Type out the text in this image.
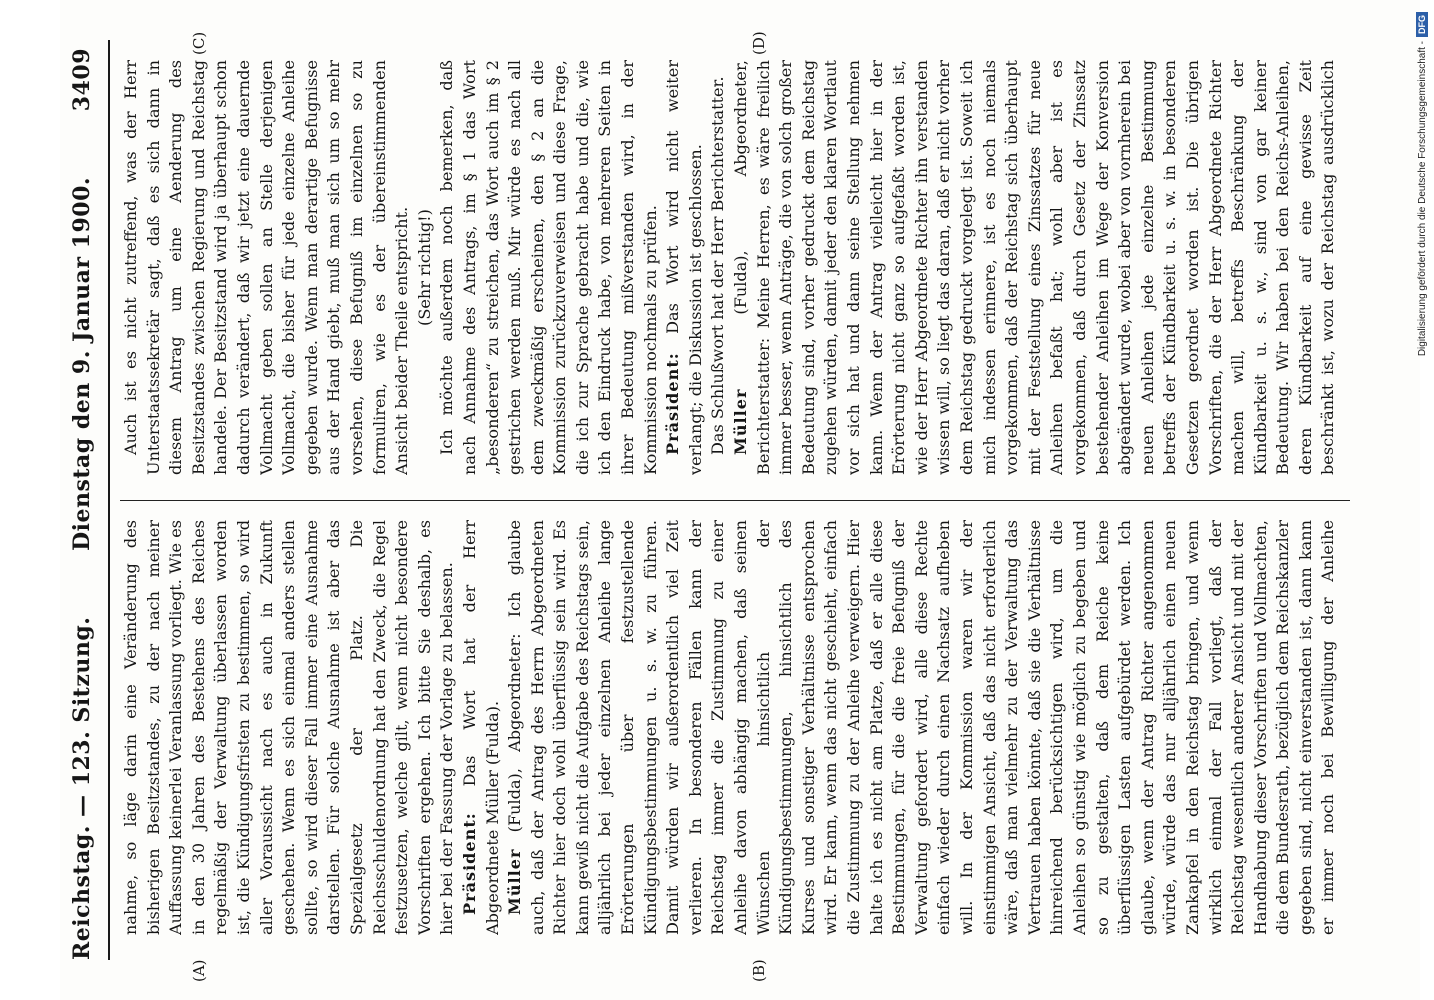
Reichstag. — 123. Sitzung.
Dienstag den 9. Januar 1900.
3409
(A)	(B)
(C)	(D)

nahme, so läge darin eine Veränderung des bisherigen Besitzstandes, zu der nach meiner Auffassung keinerlei Veranlassung vorliegt. Wie es in den 30 Jahren des Bestehens des Reiches regelmäßig der Verwaltung überlassen worden ist, die Kündigungsfristen zu bestimmen, so wird aller Voraussicht nach es auch in Zukunft geschehen. Wenn es sich einmal anders stellen sollte, so wird dieser Fall immer eine Ausnahme darstellen. Für solche Ausnahme ist aber das Spezialgesetz der Platz. Die Reichsschuldenordnung hat den Zweck, die Regel festzusetzen, welche gilt, wenn nicht besondere Vorschriften ergehen. Ich bitte Sie deshalb, es hier bei der Fassung der Vorlage zu belassen. Präsident: Das Wort hat der Herr Abgeordnete Müller (Fulda). Müller (Fulda), Abgeordneter: Ich glaube auch, daß der Antrag des Herrn Abgeordneten Richter hier doch wohl überflüssig sein wird. Es kann gewiß nicht die Aufgabe des Reichstags sein, alljährlich bei jeder einzelnen Anleihe lange Erörterungen über festzustellende Kündigungsbestimmungen u. s. w. zu führen. Damit würden wir außerordentlich viel Zeit verlieren. In besonderen Fällen kann der Reichstag immer die Zustimmung zu einer Anleihe davon abhängig machen, daß seinen Wünschen hinsichtlich der Kündigungsbestimmungen, hinsichtlich des Kurses und sonstiger Verhältnisse entsprochen wird. Er kann, wenn das nicht geschieht, einfach die Zustimmung zu der Anleihe verweigern. Hier halte ich es nicht am Platze, daß er alle diese Bestimmungen, für die die freie Befugniß der Verwaltung gefordert wird, alle diese Rechte einfach wieder durch einen Nachsatz aufheben will. In der Kommission waren wir der einstimmigen Ansicht, daß das nicht erforderlich wäre, daß man vielmehr zu der Verwaltung das Vertrauen haben könnte, daß sie die Verhältnisse hinreichend berücksichtigen wird, um die Anleihen so günstig wie möglich zu begeben und so zu gestalten, daß dem Reiche keine überflüssigen Lasten aufgebürdet werden. Ich glaube, wenn der Antrag Richter angenommen würde, würde das nur alljährlich einen neuen Zankapfel in den Reichstag bringen, und wenn wirklich einmal der Fall vorliegt, daß der Reichstag wesentlich anderer Ansicht und mit der Handhabung dieser Vorschriften und Vollmachten, die dem Bundesrath, bezüglich dem Reichskanzler gegeben sind, nicht einverstanden ist, dann kann er immer noch bei Bewilligung der Anleihe

Auch ist es nicht zutreffend, was der Herr Unterstaatssekretär sagt, daß es sich dann in diesem Antrag um eine Aenderung des Besitzstandes zwischen Regierung und Reichstag handele. Der Besitzstand wird ja überhaupt schon dadurch verändert, daß wir jetzt eine dauernde Vollmacht geben sollen an Stelle derjenigen Vollmacht, die bisher für jede einzelne Anleihe gegeben wurde. Wenn man derartige Befugnisse aus der Hand giebt, muß man sich um so mehr vorsehen, diese Befugniß im einzelnen so zu formuliren, wie es der übereinstimmenden Ansicht beider Theile entspricht. (Sehr richtig!) Ich möchte außerdem noch bemerken, daß nach Annahme des Antrags, im § 1 das Wort „besonderen“ zu streichen, das Wort auch im § 2 gestrichen werden muß. Mir würde es nach all dem zweckmäßig erscheinen, den § 2 an die Kommission zurückzuverweisen und diese Frage, die ich zur Sprache gebracht habe und die, wie ich den Eindruck habe, von mehreren Seiten in ihrer Bedeutung mißverstanden wird, in der Kommission nochmals zu prüfen. Präsident: Das Wort wird nicht weiter verlangt; die Diskussion ist geschlossen. Das Schlußwort hat der Herr Berichterstatter. Müller (Fulda), Abgeordneter, Berichterstatter: Meine Herren, es wäre freilich immer besser, wenn Anträge, die von solch großer Bedeutung sind, vorher gedruckt dem Reichstag zugehen würden, damit jeder den klaren Wortlaut vor sich hat und dann seine Stellung nehmen kann. Wenn der Antrag vielleicht hier in der Erörterung nicht ganz so aufgefaßt worden ist, wie der Herr Abgeordnete Richter ihn verstanden wissen will, so liegt das daran, daß er nicht vorher dem Reichstag gedruckt vorgelegt ist. Soweit ich mich indessen erinnere, ist es noch niemals vorgekommen, daß der Reichstag sich überhaupt mit der Feststellung eines Zinssatzes für neue Anleihen befaßt hat; wohl aber ist es vorgekommen, daß durch Gesetz der Zinssatz bestehender Anleihen im Wege der Konversion abgeändert wurde, wobei aber von vornherein bei neuen Anleihen jede einzelne Bestimmung betreffs der Kündbarkeit u. s. w. in besonderen Gesetzen geordnet worden ist. Die übrigen Vorschriften, die der Herr Abgeordnete Richter machen will, betreffs Beschränkung der Kündbarkeit u. s. w., sind von gar keiner Bedeutung. Wir haben bei den Reichs-Anleihen, deren Kündbarkeit auf eine gewisse Zeit beschränkt ist, wozu der Reichstag ausdrücklich	Digitalisierung gefördert durch die Deutsche Forschungsgemeinschaft -
DFG
